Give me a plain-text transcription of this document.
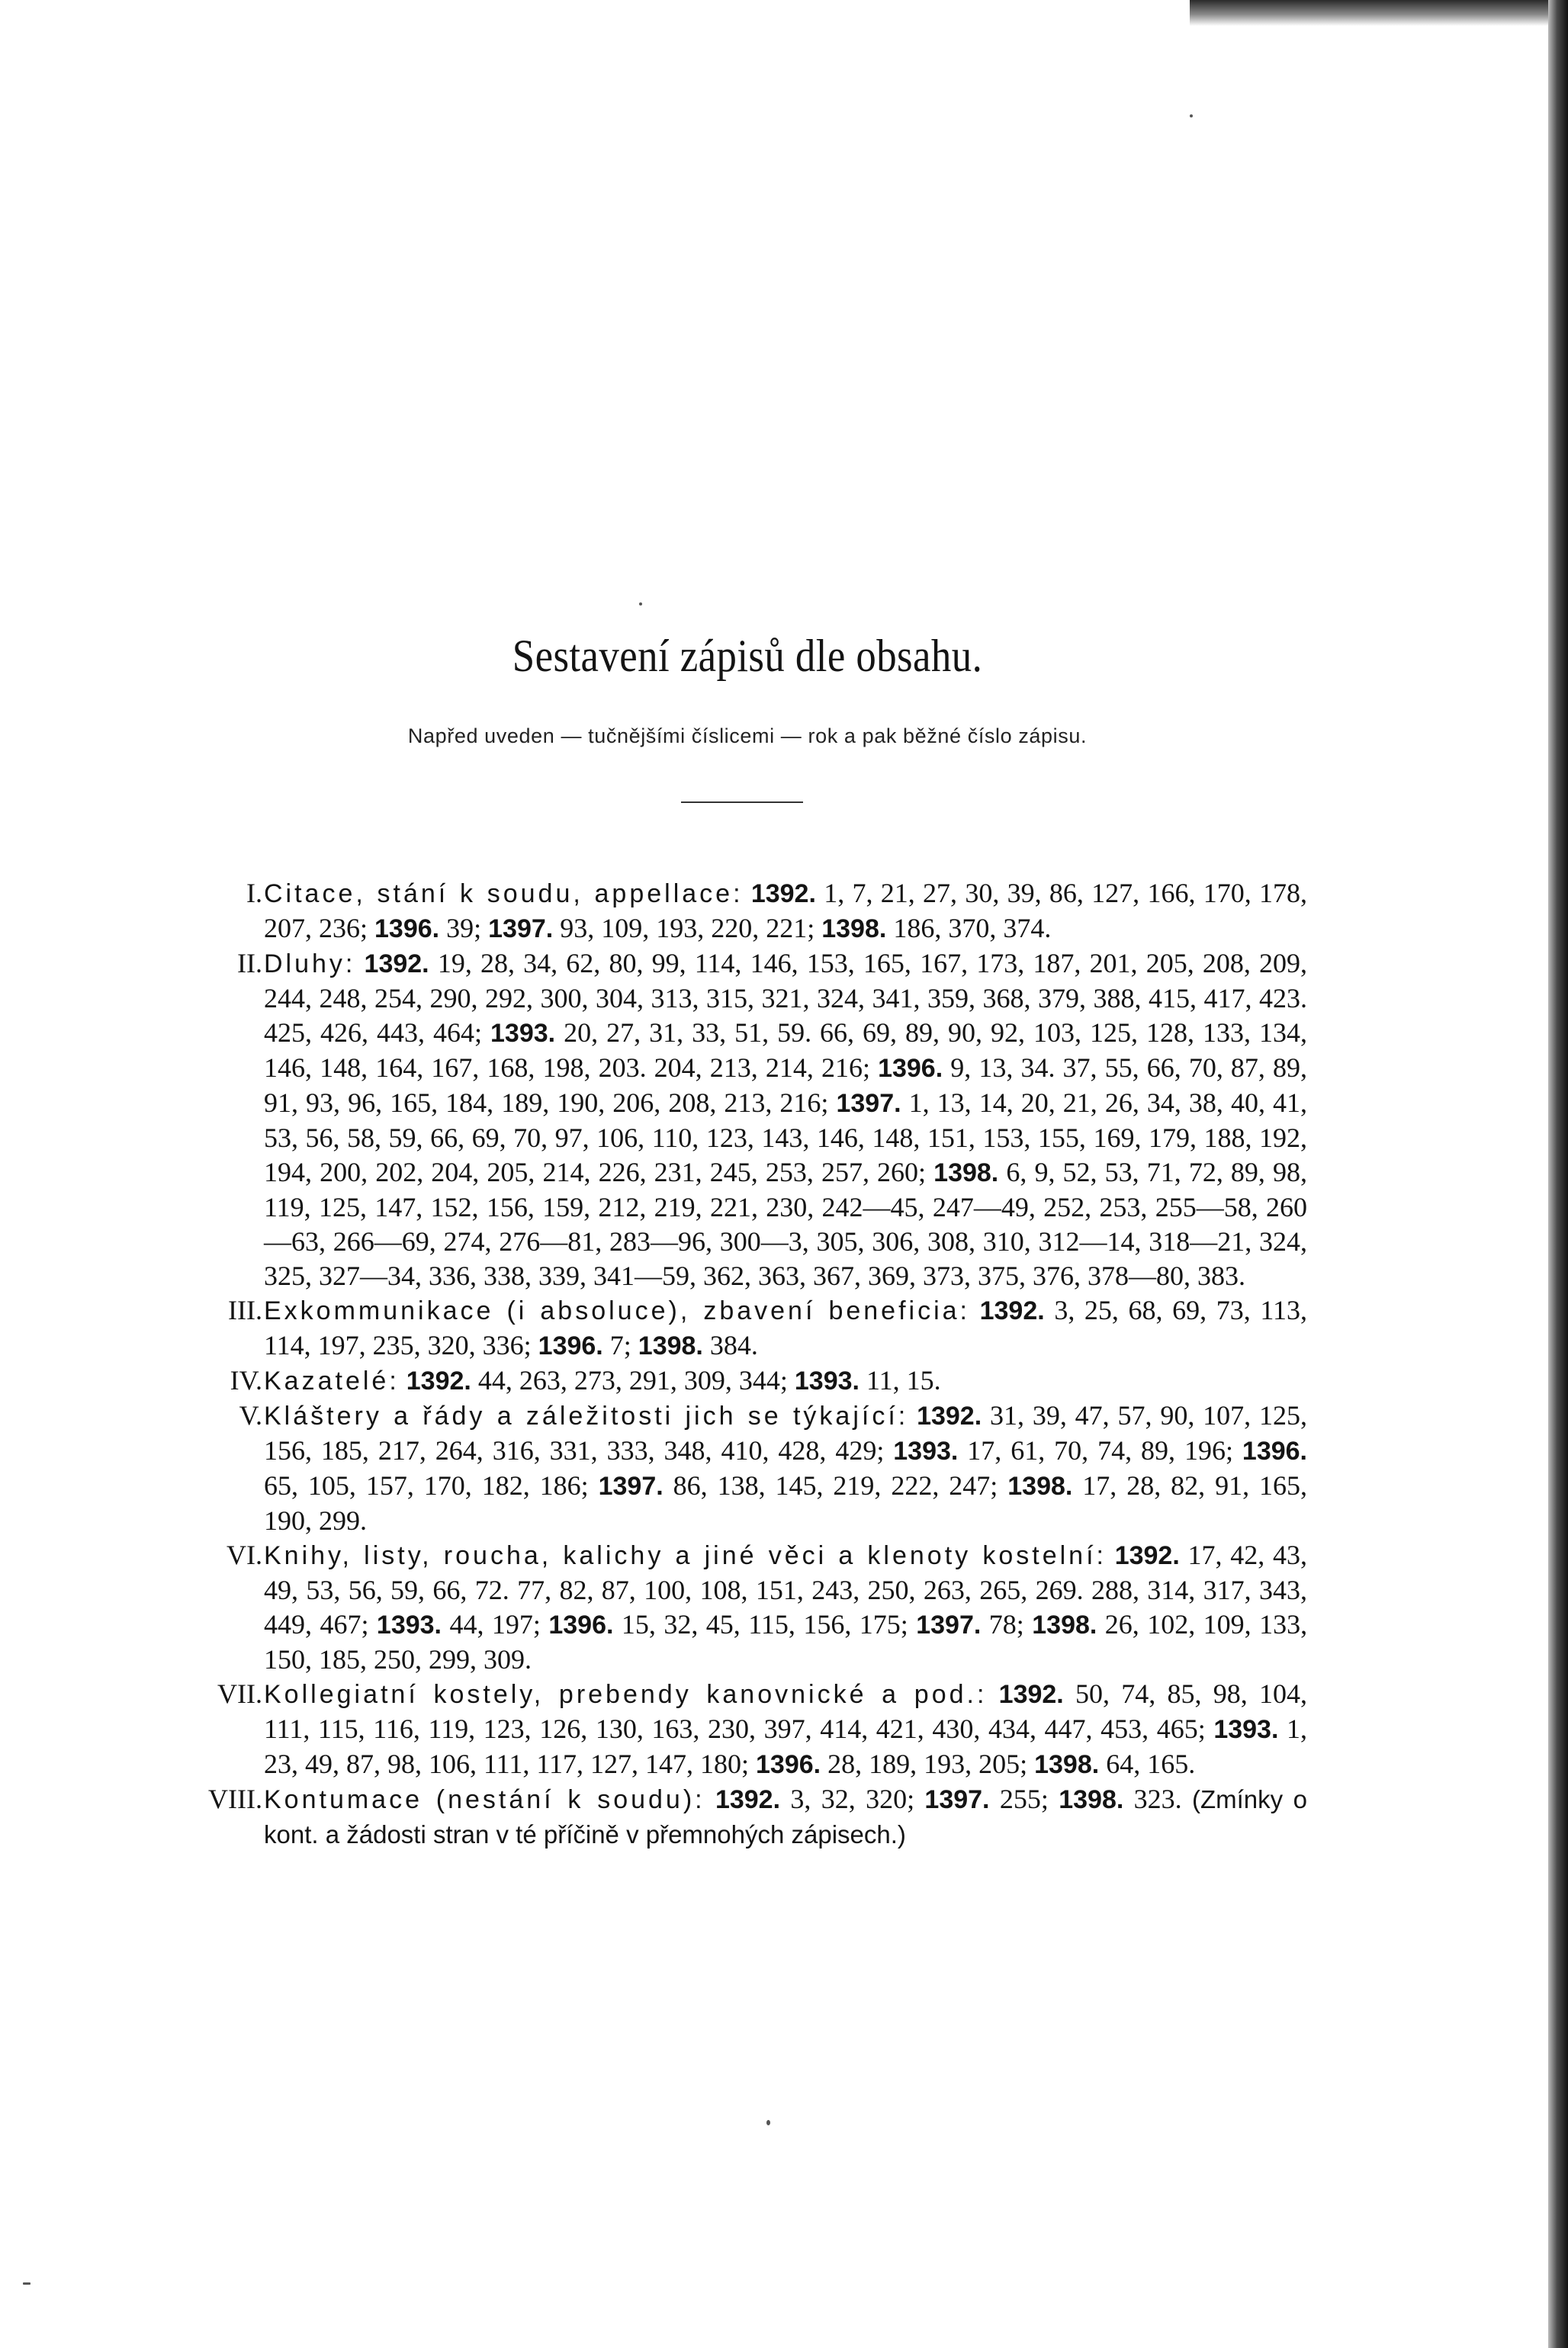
Sestavení zápisů dle obsahu.
Napřed uveden — tučnějšími číslicemi — rok a pak běžné číslo zápisu.
I. Citace, stání k soudu, appellace: 1392. 1, 7, 21, 27, 30, 39, 86, 127, 166, 170, 178, 207, 236; 1396. 39; 1397. 93, 109, 193, 220, 221; 1398. 186, 370, 374.
II. Dluhy: 1392. 19, 28, 34, 62, 80, 99, 114, 146, 153, 165, 167, 173, 187, 201, 205, 208, 209, 244, 248, 254, 290, 292, 300, 304, 313, 315, 321, 324, 341, 359, 368, 379, 388, 415, 417, 423. 425, 426, 443, 464; 1393. 20, 27, 31, 33, 51, 59. 66, 69, 89, 90, 92, 103, 125, 128, 133, 134, 146, 148, 164, 167, 168, 198, 203. 204, 213, 214, 216; 1396. 9, 13, 34. 37, 55, 66, 70, 87, 89, 91, 93, 96, 165, 184, 189, 190, 206, 208, 213, 216; 1397. 1, 13, 14, 20, 21, 26, 34, 38, 40, 41, 53, 56, 58, 59, 66, 69, 70, 97, 106, 110, 123, 143, 146, 148, 151, 153, 155, 169, 179, 188, 192, 194, 200, 202, 204, 205, 214, 226, 231, 245, 253, 257, 260; 1398. 6, 9, 52, 53, 71, 72, 89, 98, 119, 125, 147, 152, 156, 159, 212, 219, 221, 230, 242—45, 247—49, 252, 253, 255—58, 260—63, 266—69, 274, 276—81, 283—96, 300—3, 305, 306, 308, 310, 312—14, 318—21, 324, 325, 327—34, 336, 338, 339, 341—59, 362, 363, 367, 369, 373, 375, 376, 378—80, 383.
III. Exkommunikace (i absoluce), zbavení beneficia: 1392. 3, 25, 68, 69, 73, 113, 114, 197, 235, 320, 336; 1396. 7; 1398. 384.
IV. Kazatelé: 1392. 44, 263, 273, 291, 309, 344; 1393. 11, 15.
V. Kláštery a řády a záležitosti jich se týkající: 1392. 31, 39, 47, 57, 90, 107, 125, 156, 185, 217, 264, 316, 331, 333, 348, 410, 428, 429; 1393. 17, 61, 70, 74, 89, 196; 1396. 65, 105, 157, 170, 182, 186; 1397. 86, 138, 145, 219, 222, 247; 1398. 17, 28, 82, 91, 165, 190, 299.
VI. Knihy, listy, roucha, kalichy a jiné věci a klenoty kostelní: 1392. 17, 42, 43, 49, 53, 56, 59, 66, 72. 77, 82, 87, 100, 108, 151, 243, 250, 263, 265, 269. 288, 314, 317, 343, 449, 467; 1393. 44, 197; 1396. 15, 32, 45, 115, 156, 175; 1397. 78; 1398. 26, 102, 109, 133, 150, 185, 250, 299, 309.
VII. Kollegiatní kostely, prebendy kanovnické a pod.: 1392. 50, 74, 85, 98, 104, 111, 115, 116, 119, 123, 126, 130, 163, 230, 397, 414, 421, 430, 434, 447, 453, 465; 1393. 1, 23, 49, 87, 98, 106, 111, 117, 127, 147, 180; 1396. 28, 189, 193, 205; 1398. 64, 165.
VIII. Kontumace (nestání k soudu): 1392. 3, 32, 320; 1397. 255; 1398. 323. (Zmínky o kont. a žádosti stran v té příčině v přemnohých zápisech.)
